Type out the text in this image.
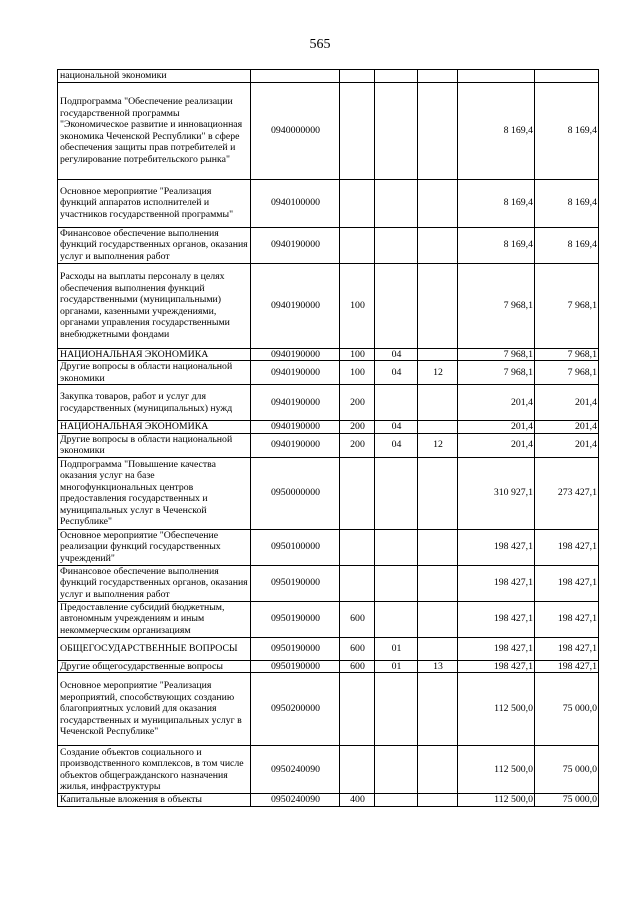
565
национальной экономики						
Подпрограмма "Обеспечение реализации государственной программы "Экономическое развитие и инновационная экономика Чеченской Республики" в сфере обеспечения защиты прав потребителей и регулирование потребительского рынка"	0940000000				8 169,4	8 169,4
Основное мероприятие "Реализация функций аппаратов исполнителей и участников государственной программы"	0940100000				8 169,4	8 169,4
Финансовое обеспечение выполнения функций государственных органов, оказания услуг и выполнения работ	0940190000				8 169,4	8 169,4
Расходы на выплаты персоналу в целях обеспечения выполнения функций государственными (муниципальными) органами, казенными учреждениями, органами управления государственными внебюджетными фондами	0940190000	100			7 968,1	7 968,1
НАЦИОНАЛЬНАЯ ЭКОНОМИКА	0940190000	100	04		7 968,1	7 968,1
Другие вопросы в области национальной экономики	0940190000	100	04	12	7 968,1	7 968,1
Закупка товаров, работ и услуг для государственных (муниципальных) нужд	0940190000	200			201,4	201,4
НАЦИОНАЛЬНАЯ ЭКОНОМИКА	0940190000	200	04		201,4	201,4
Другие вопросы в области национальной экономики	0940190000	200	04	12	201,4	201,4
Подпрограмма "Повышение качества оказания услуг на базе многофункциональных центров предоставления государственных и муниципальных услуг в Чеченской Республике"	0950000000				310 927,1	273 427,1
Основное мероприятие "Обеспечение реализации функций государственных учреждений"	0950100000				198 427,1	198 427,1
Финансовое обеспечение выполнения функций государственных органов, оказания услуг и выполнения работ	0950190000				198 427,1	198 427,1
Предоставление субсидий бюджетным, автономным учреждениям и иным некоммерческим организациям	0950190000	600			198 427,1	198 427,1
ОБЩЕГОСУДАРСТВЕННЫЕ ВОПРОСЫ	0950190000	600	01		198 427,1	198 427,1
Другие общегосударственные вопросы	0950190000	600	01	13	198 427,1	198 427,1
Основное мероприятие "Реализация мероприятий, способствующих созданию благоприятных условий для оказания государственных и муниципальных услуг в Чеченской Республике"	0950200000				112 500,0	75 000,0
Создание объектов социального и производственного комплексов, в том числе объектов общегражданского назначения жилья, инфраструктуры	0950240090				112 500,0	75 000,0
Капитальные вложения в объекты	0950240090	400			112 500,0	75 000,0
